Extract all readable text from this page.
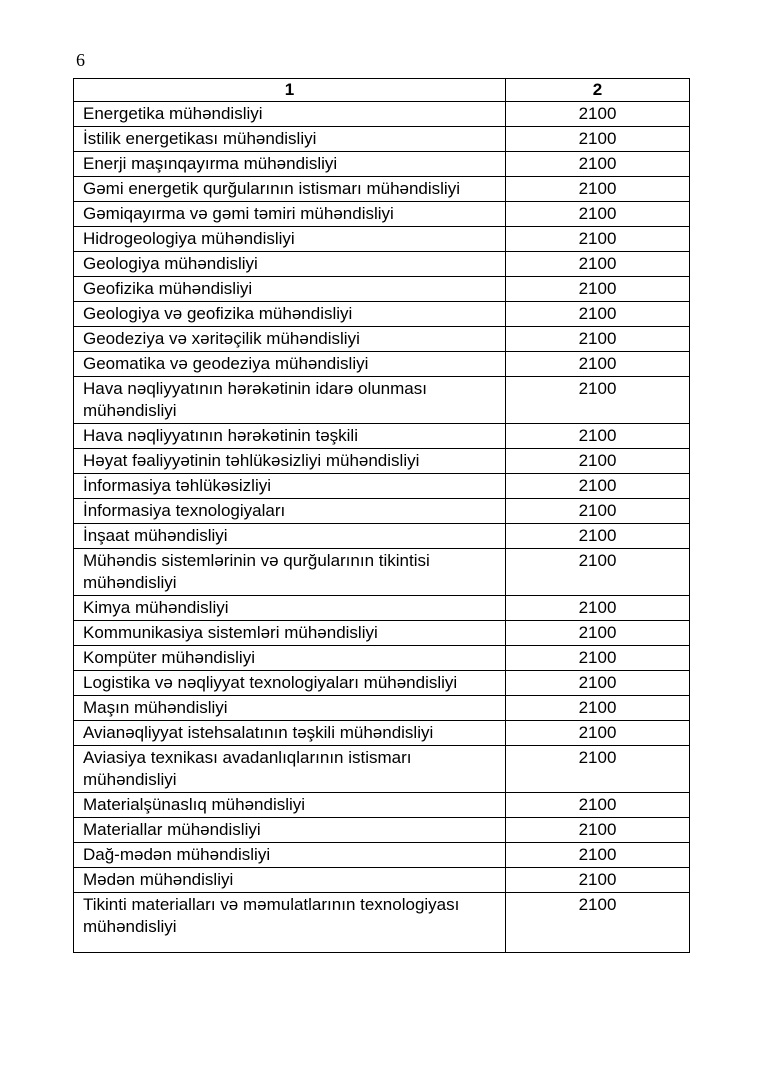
6
1	2
Energetika mühəndisliyi	2100
İstilik energetikası mühəndisliyi	2100
Enerji maşınqayırma mühəndisliyi	2100
Gəmi energetik qurğularının istismarı mühəndisliyi	2100
Gəmiqayırma və gəmi təmiri mühəndisliyi	2100
Hidrogeologiya mühəndisliyi	2100
Geologiya mühəndisliyi	2100
Geofizika mühəndisliyi	2100
Geologiya və geofizika mühəndisliyi	2100
Geodeziya və xəritəçilik mühəndisliyi	2100
Geomatika və geodeziya mühəndisliyi	2100
Hava nəqliyyatının hərəkətinin idarə olunması mühəndisliyi	2100
Hava nəqliyyatının hərəkətinin təşkili	2100
Həyat fəaliyyətinin təhlükəsizliyi mühəndisliyi	2100
İnformasiya təhlükəsizliyi	2100
İnformasiya texnologiyaları	2100
İnşaat mühəndisliyi	2100
Mühəndis sistemlərinin və qurğularının tikintisi mühəndisliyi	2100
Kimya mühəndisliyi	2100
Kommunikasiya sistemləri mühəndisliyi	2100
Kompüter mühəndisliyi	2100
Logistika və nəqliyyat texnologiyaları mühəndisliyi	2100
Maşın mühəndisliyi	2100
Avianəqliyyat istehsalatının təşkili mühəndisliyi	2100
Aviasiya texnikası avadanlıqlarının istismarı mühəndisliyi	2100
Materialşünaslıq mühəndisliyi	2100
Materiallar mühəndisliyi	2100
Dağ-mədən mühəndisliyi	2100
Mədən mühəndisliyi	2100
Tikinti materialları və məmulatlarının texnologiyası mühəndisliyi	2100
